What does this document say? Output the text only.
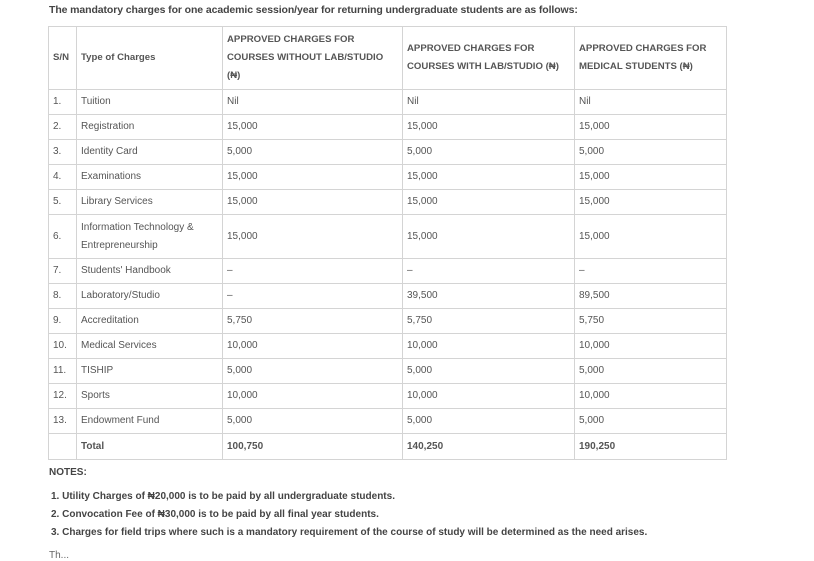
The mandatory charges for one academic session/year for returning undergraduate students are as follows:
S/N	Type of Charges	APPROVED CHARGES FOR COURSES WITHOUT LAB/STUDIO (₦)	APPROVED CHARGES FOR COURSES WITH LAB/STUDIO (₦)	APPROVED CHARGES FOR MEDICAL STUDENTS (₦)
1.	Tuition	Nil	Nil	Nil
2.	Registration	15,000	15,000	15,000
3.	Identity Card	5,000	5,000	5,000
4.	Examinations	15,000	15,000	15,000
5.	Library Services	15,000	15,000	15,000
6.	Information Technology & Entrepreneurship	15,000	15,000	15,000
7.	Students' Handbook	–	–	–
8.	Laboratory/Studio	–	39,500	89,500
9.	Accreditation	5,750	5,750	5,750
10.	Medical Services	10,000	10,000	10,000
11.	TISHIP	5,000	5,000	5,000
12.	Sports	10,000	10,000	10,000
13.	Endowment Fund	5,000	5,000	5,000
	Total	100,750	140,250	190,250
NOTES:
1. Utility Charges of ₦20,000 is to be paid by all undergraduate students.
2. Convocation Fee of ₦30,000 is to be paid by all final year students.
3. Charges for field trips where such is a mandatory requirement of the course of study will be determined as the need arises.
Th...
